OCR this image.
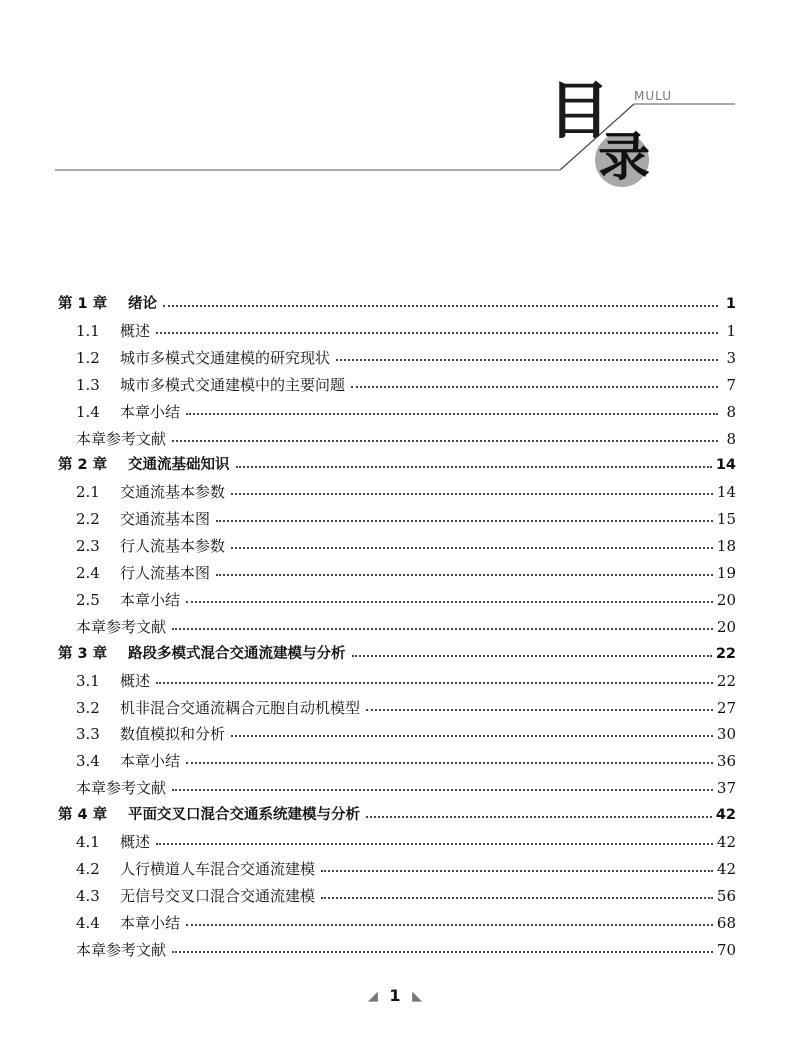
目
录
MULU
第 1 章	绪论	1
1.1	概述	1
1.2	城市多模式交通建模的研究现状	3
1.3	城市多模式交通建模中的主要问题	7
1.4	本章小结	8
本章参考文献	8
第 2 章	交通流基础知识	14
2.1	交通流基本参数	14
2.2	交通流基本图	15
2.3	行人流基本参数	18
2.4	行人流基本图	19
2.5	本章小结	20
本章参考文献	20
第 3 章	路段多模式混合交通流建模与分析	22
3.1	概述	22
3.2	机非混合交通流耦合元胞自动机模型	27
3.3	数值模拟和分析	30
3.4	本章小结	36
本章参考文献	37
第 4 章	平面交叉口混合交通系统建模与分析	42
4.1	概述	42
4.2	人行横道人车混合交通流建模	42
4.3	无信号交叉口混合交通流建模	56
4.4	本章小结	68
本章参考文献	70
◢ 1 ◣
